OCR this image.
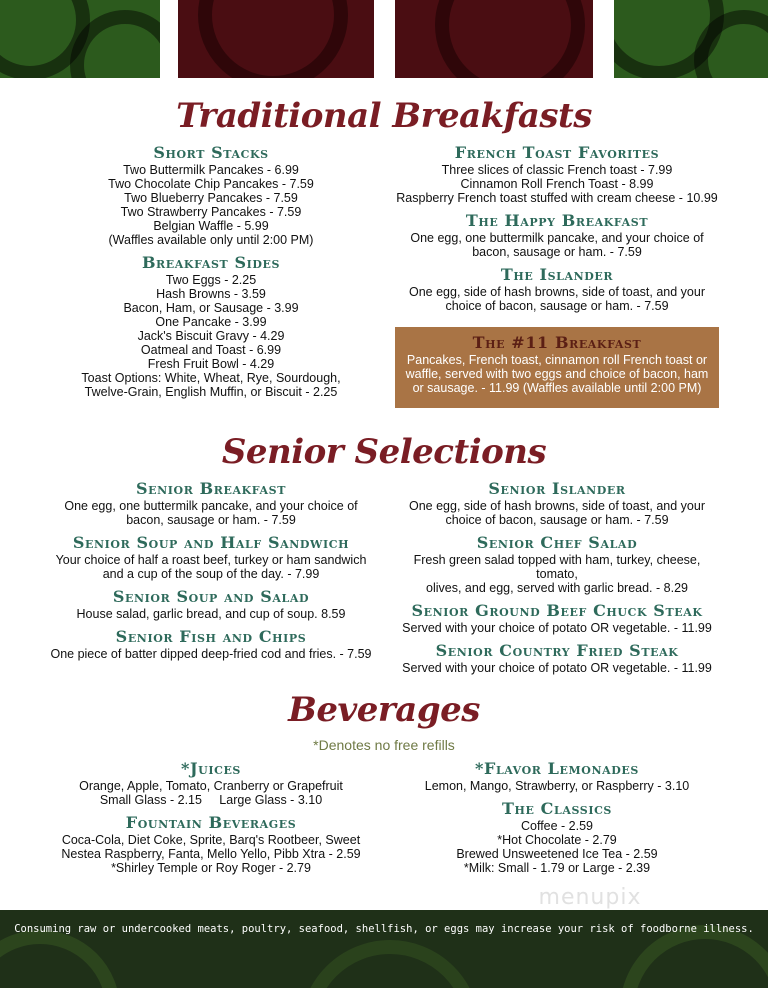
Traditional Breakfasts
Short Stacks
Two Buttermilk Pancakes - 6.99
Two Chocolate Chip Pancakes - 7.59
Two Blueberry Pancakes - 7.59
Two Strawberry Pancakes - 7.59
Belgian Waffle - 5.99
(Waffles available only until 2:00 PM)
Breakfast Sides
Two Eggs - 2.25
Hash Browns - 3.59
Bacon, Ham, or Sausage - 3.99
One Pancake - 3.99
Jack's Biscuit Gravy - 4.29
Oatmeal and Toast - 6.99
Fresh Fruit Bowl - 4.29
Toast Options: White, Wheat, Rye, Sourdough,
Twelve-Grain, English Muffin, or Biscuit - 2.25
French Toast Favorites
Three slices of classic French toast - 7.99
Cinnamon Roll French Toast - 8.99
Raspberry French toast stuffed with cream cheese - 10.99
The Happy Breakfast
One egg, one buttermilk pancake, and your choice of
bacon, sausage or ham. - 7.59
The Islander
One egg, side of hash browns, side of toast, and your
choice of bacon, sausage or ham. - 7.59
The #11 Breakfast
Pancakes, French toast, cinnamon roll French toast or
waffle, served with two eggs and choice of bacon, ham
or sausage. - 11.99 (Waffles available until 2:00 PM)
Senior Selections
Senior Breakfast
One egg, one buttermilk pancake, and your choice of
bacon, sausage or ham. - 7.59
Senior Soup and Half Sandwich
Your choice of half a roast beef, turkey or ham sandwich
and a cup of the soup of the day. - 7.99
Senior Soup and Salad
House salad, garlic bread, and cup of soup. 8.59
Senior Fish and Chips
One piece of batter dipped deep-fried cod and fries. - 7.59
Senior Islander
One egg, side of hash browns, side of toast, and your
choice of bacon, sausage or ham. - 7.59
Senior Chef Salad
Fresh green salad topped with ham, turkey, cheese, tomato,
olives, and egg, served with garlic bread. - 8.29
Senior Ground Beef Chuck Steak
Served with your choice of potato OR vegetable. - 11.99
Senior Country Fried Steak
Served with your choice of potato OR vegetable. - 11.99
Beverages
*Denotes no free refills
*Juices
Orange, Apple, Tomato, Cranberry or Grapefruit
Small Glass - 2.15     Large Glass - 3.10
Fountain Beverages
Coca-Cola, Diet Coke, Sprite, Barq's Rootbeer, Sweet
Nestea Raspberry, Fanta, Mello Yello, Pibb Xtra - 2.59
*Shirley Temple or Roy Roger - 2.79
*Flavor Lemonades
Lemon, Mango, Strawberry, or Raspberry - 3.10
The Classics
Coffee - 2.59
*Hot Chocolate - 2.79
Brewed Unsweetened Ice Tea - 2.59
*Milk: Small - 1.79 or Large - 2.39
menupix
Consuming raw or undercooked meats, poultry, seafood, shellfish, or eggs may increase your risk of foodborne illness.
